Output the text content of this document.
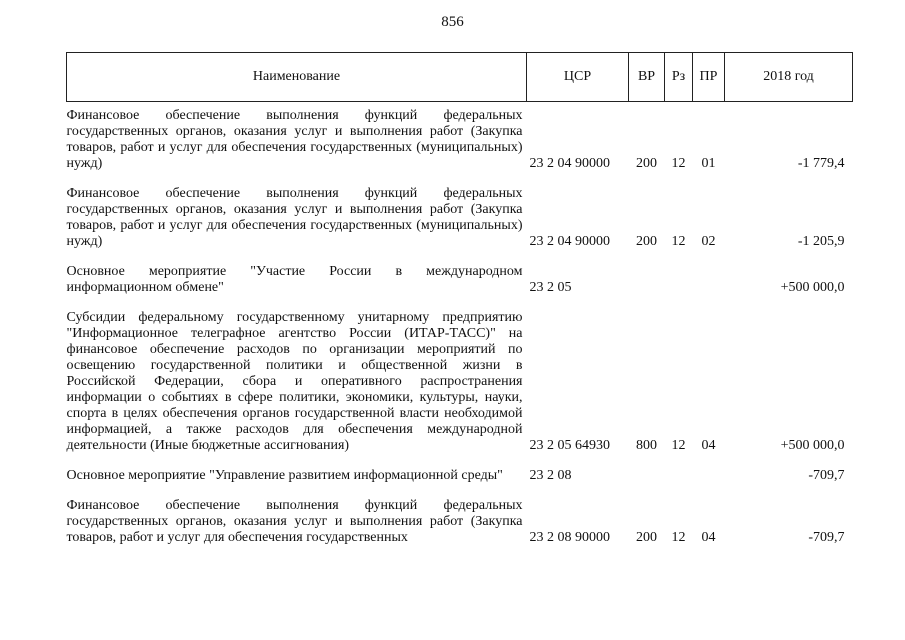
856
Наименование	ЦСР	ВР	Рз	ПР	2018 год

Финансовое обеспечение выполнения функций федеральных государственных органов, оказания услуг и выполнения работ (Закупка товаров, работ и услуг для обеспечения государственных (муниципальных) нужд)	23 2 04 90000	200	12	01	-1 779,4

Финансовое обеспечение выполнения функций федеральных государственных органов, оказания услуг и выполнения работ (Закупка товаров, работ и услуг для обеспечения государственных (муниципальных) нужд)	23 2 04 90000	200	12	02	-1 205,9

Основное мероприятие "Участие России в международном информационном обмене"	23 2 05				+500 000,0

Субсидии федеральному государственному унитарному предприятию "Информационное телеграфное агентство России (ИТАР-ТАСС)" на финансовое обеспечение расходов по организации мероприятий по освещению государственной политики и общественной жизни в Российской Федерации, сбора и оперативного распространения информации о событиях в сфере политики, экономики, культуры, науки, спорта в целях обеспечения органов государственной власти необходимой информацией, а также расходов для обеспечения международной деятельности (Иные бюджетные ассигнования)	23 2 05 64930	800	12	04	+500 000,0

Основное мероприятие "Управление развитием информационной среды"	23 2 08				-709,7

Финансовое обеспечение выполнения функций федеральных государственных органов, оказания услуг и выполнения работ (Закупка товаров, работ и услуг для обеспечения государственных	23 2 08 90000	200	12	04	-709,7
